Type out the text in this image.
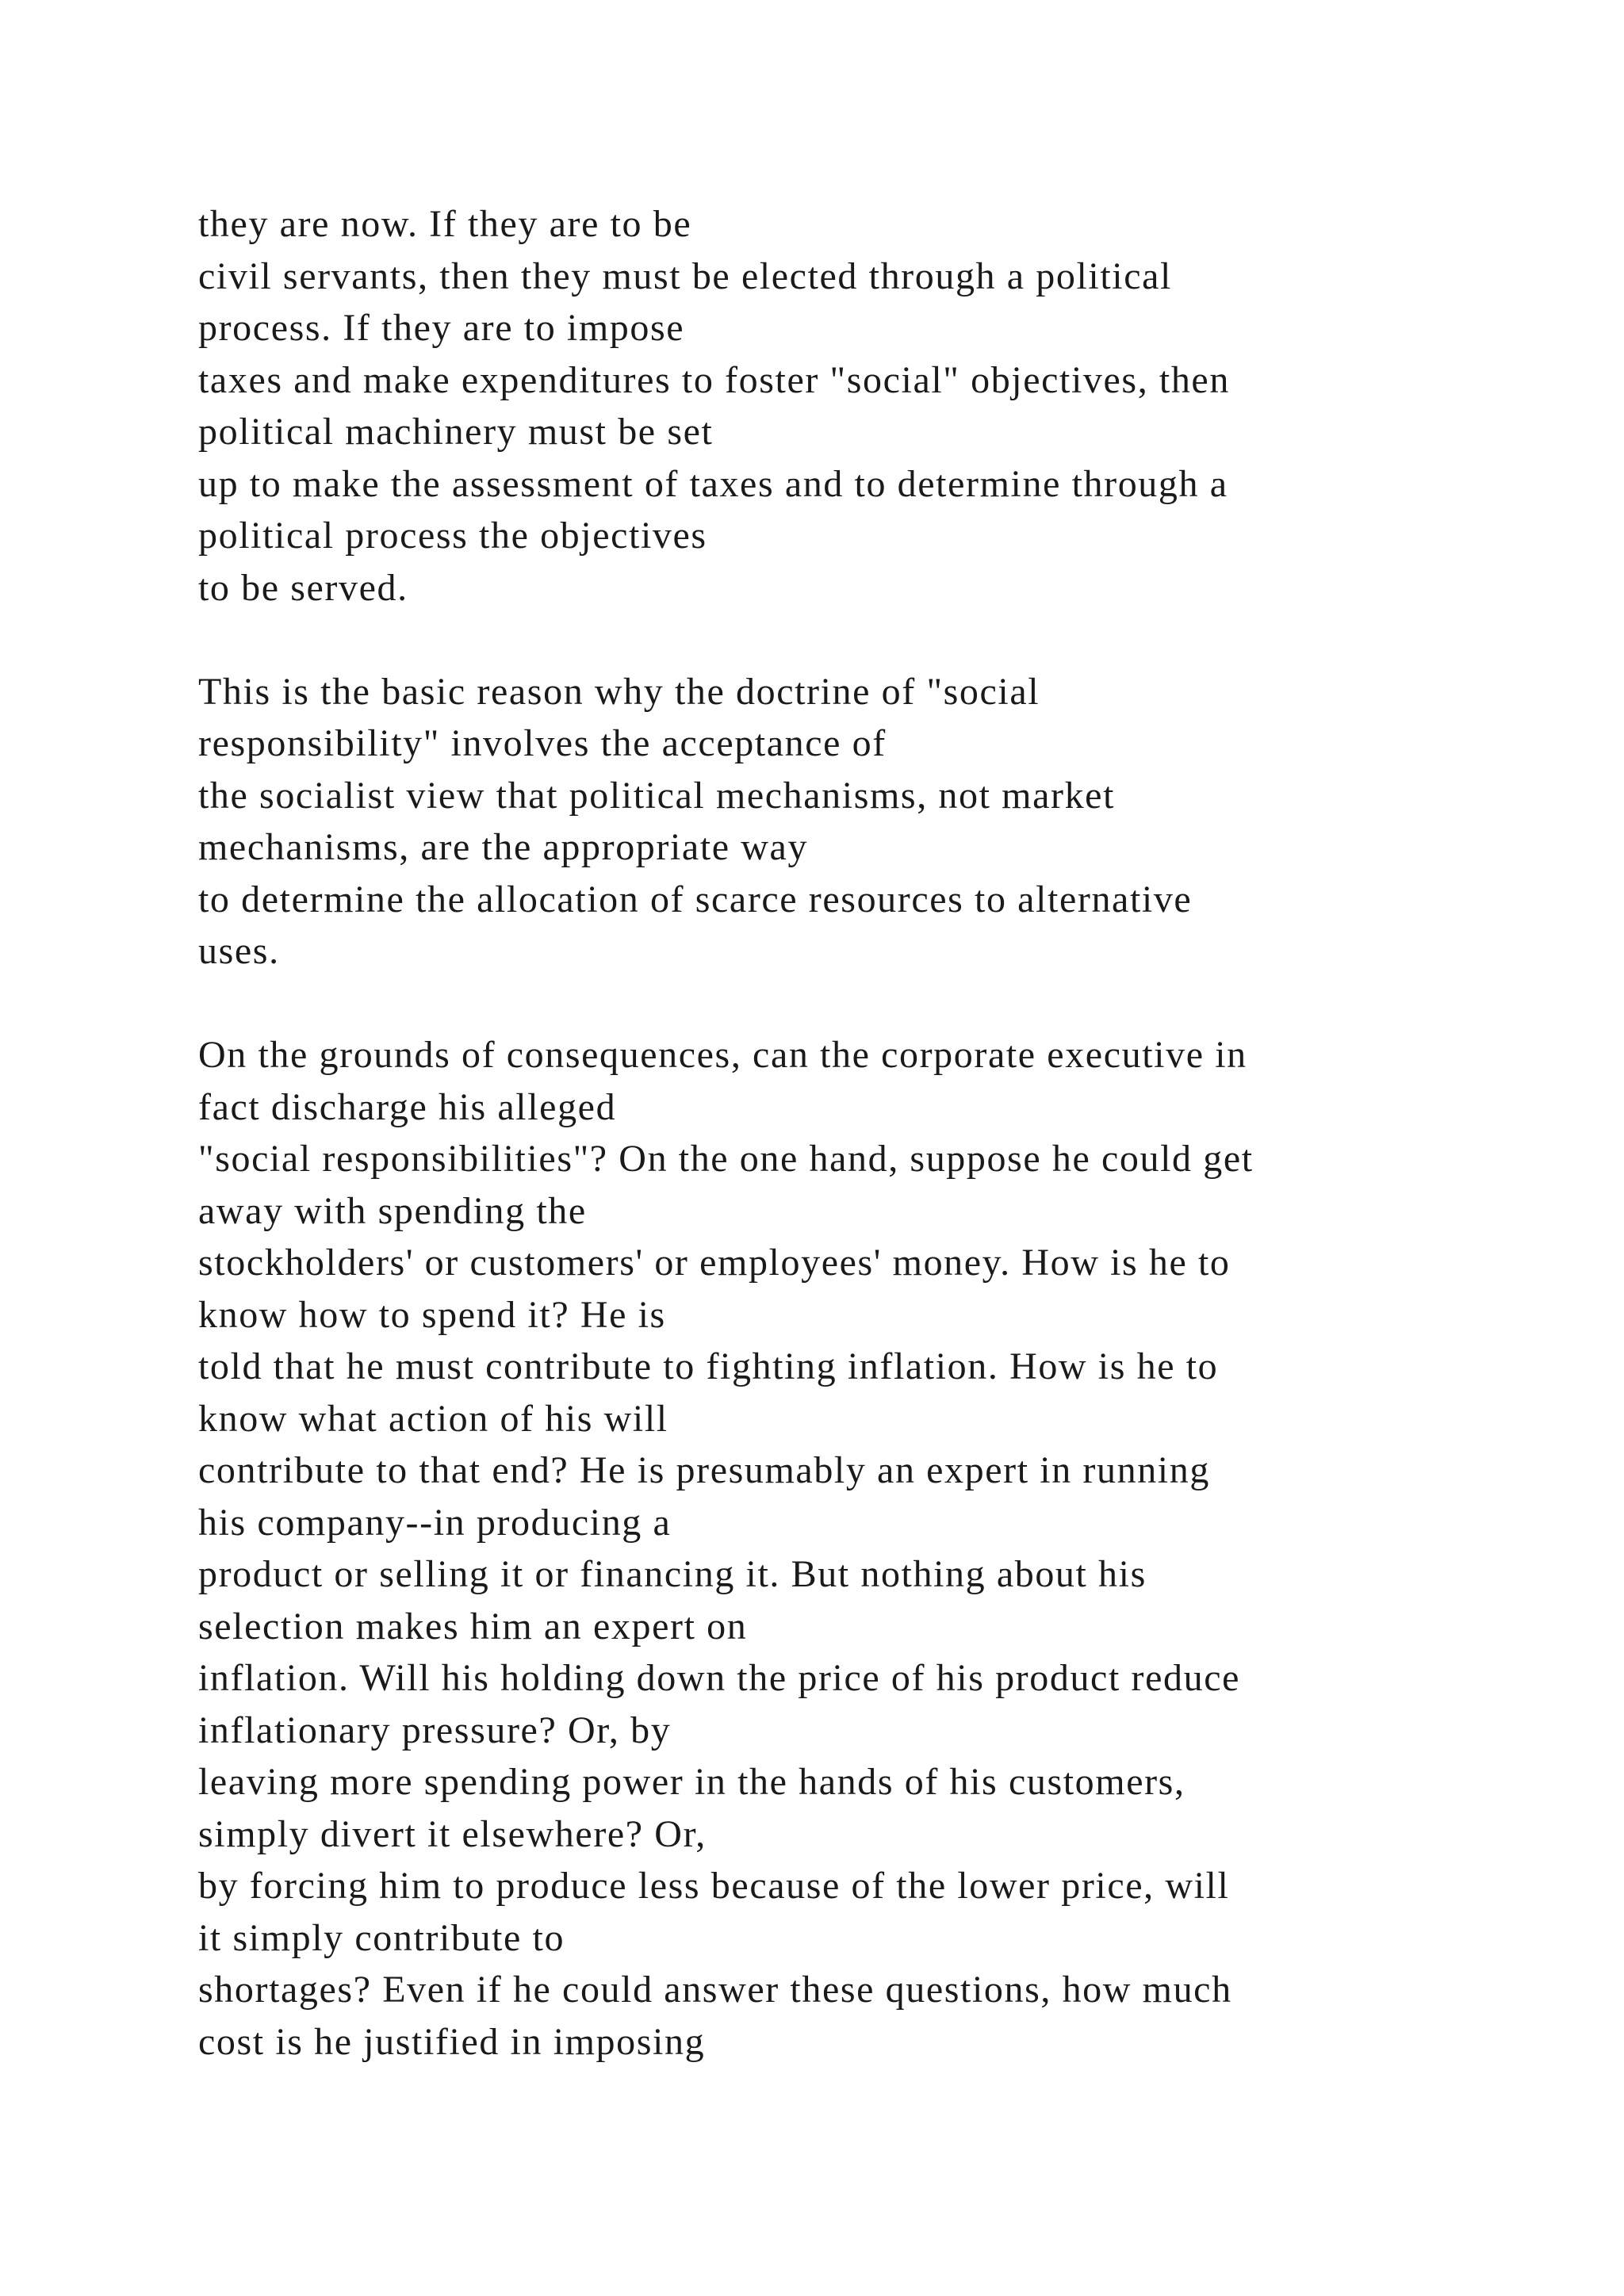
they are now. If they are to be
civil servants, then they must be elected through a political
process. If they are to impose
taxes and make expenditures to foster "social" objectives, then
political machinery must be set
up to make the assessment of taxes and to determine through a
political process the objectives
to be served.
This is the basic reason why the doctrine of "social
responsibility" involves the acceptance of
the socialist view that political mechanisms, not market
mechanisms, are the appropriate way
to determine the allocation of scarce resources to alternative
uses.
On the grounds of consequences, can the corporate executive in
fact discharge his alleged
"social responsibilities"? On the one hand, suppose he could get
away with spending the
stockholders' or customers' or employees' money. How is he to
know how to spend it? He is
told that he must contribute to fighting inflation. How is he to
know what action of his will
contribute to that end? He is presumably an expert in running
his company--in producing a
product or selling it or financing it. But nothing about his
selection makes him an expert on
inflation. Will his holding down the price of his product reduce
inflationary pressure? Or, by
leaving more spending power in the hands of his customers,
simply divert it elsewhere? Or,
by forcing him to produce less because of the lower price, will
it simply contribute to
shortages? Even if he could answer these questions, how much
cost is he justified in imposing
